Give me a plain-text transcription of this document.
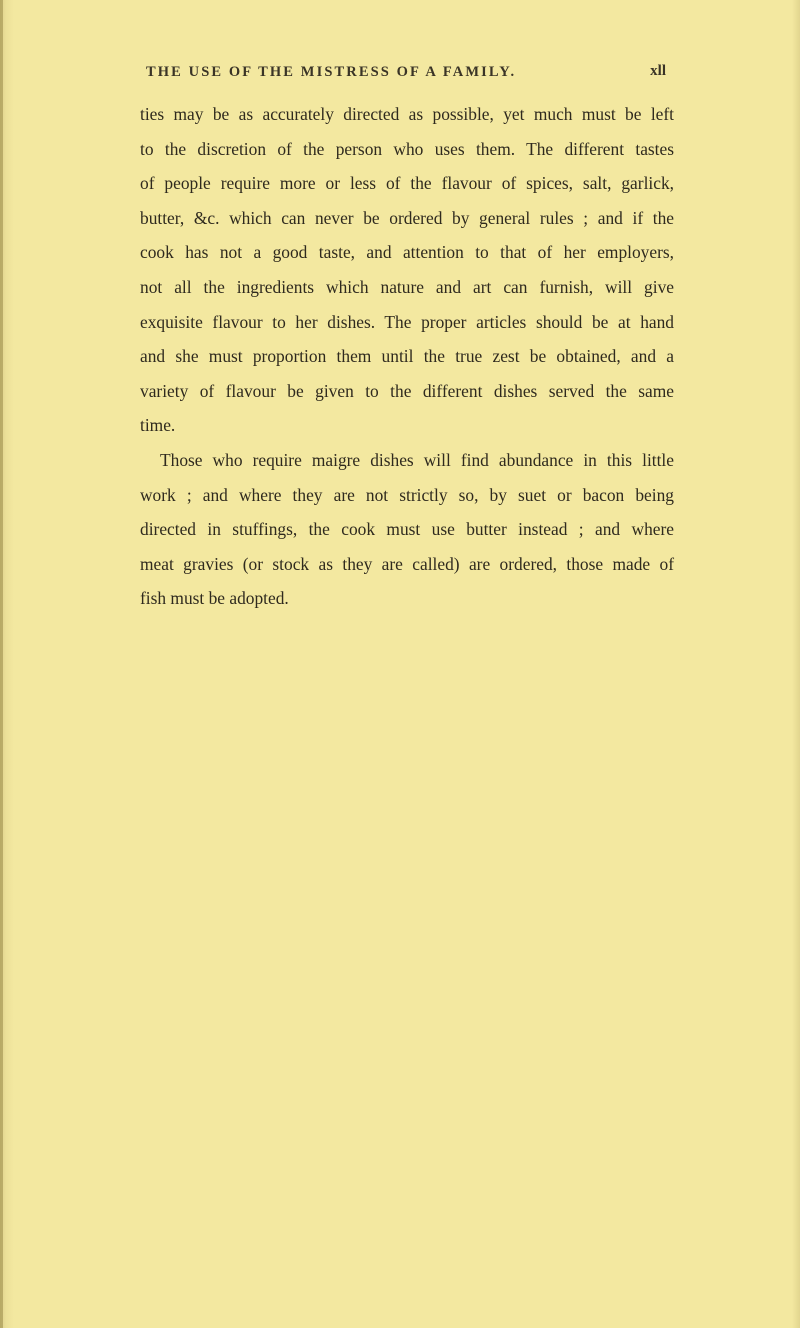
THE USE OF THE MISTRESS OF A FAMILY.	xll
ties may be as accurately directed as possible, yet much must be left
to the discretion of the person who uses them. The different tastes
of people require more or less of the flavour of spices, salt, garlick,
butter, &c. which can never be ordered by general rules ; and if the
cook has not a good taste, and attention to that of her employers,
not all the ingredients which nature and art can furnish, will give
exquisite flavour to her dishes. The proper articles should be at hand
and she must proportion them until the true zest be obtained, and a
variety of flavour be given to the different dishes served the same
time.
Those who require maigre dishes will find abundance in this little
work ; and where they are not strictly so, by suet or bacon being
directed in stuffings, the cook must use butter instead ; and where
meat gravies (or stock as they are called) are ordered, those made of
fish must be adopted.
